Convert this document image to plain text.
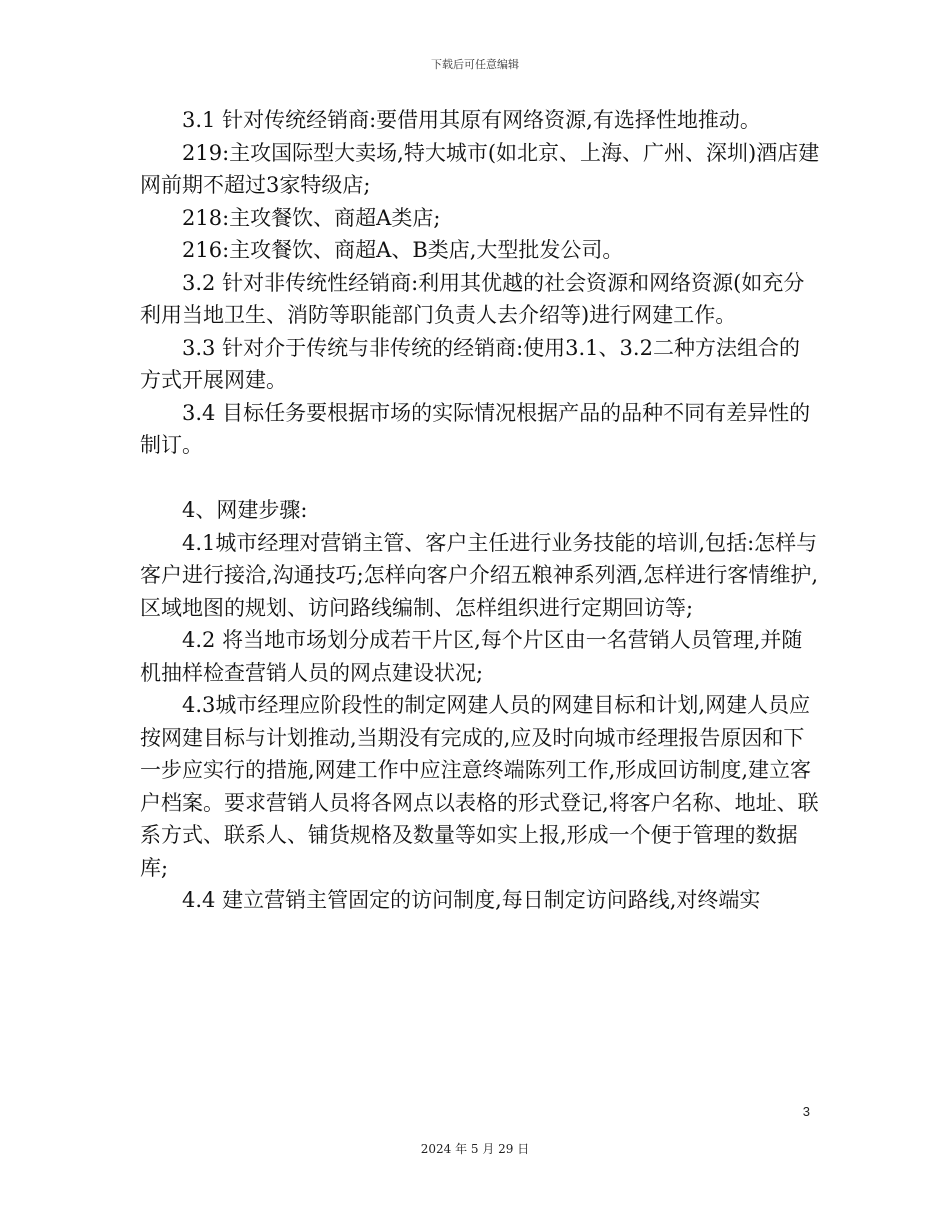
下载后可任意编辑

3.1 针对传统经销商:要借用其原有网络资源,有选择性地推动。

219:主攻国际型大卖场,特大城市(如北京、上海、广州、深圳)酒店建网前期不超过3家特级店;

218:主攻餐饮、商超A类店;

216:主攻餐饮、商超A、B类店,大型批发公司。

3.2 针对非传统性经销商:利用其优越的社会资源和网络资源(如充分利用当地卫生、消防等职能部门负责人去介绍等)进行网建工作。

3.3 针对介于传统与非传统的经销商:使用3.1、3.2二种方法组合的方式开展网建。

3.4 目标任务要根据市场的实际情况根据产品的品种不同有差异性的制订。

4、网建步骤:

4.1城市经理对营销主管、客户主任进行业务技能的培训,包括:怎样与客户进行接洽,沟通技巧;怎样向客户介绍五粮神系列酒,怎样进行客情维护,区域地图的规划、访问路线编制、怎样组织进行定期回访等;

4.2 将当地市场划分成若干片区,每个片区由一名营销人员管理,并随机抽样检查营销人员的网点建设状况;

4.3城市经理应阶段性的制定网建人员的网建目标和计划,网建人员应按网建目标与计划推动,当期没有完成的,应及时向城市经理报告原因和下一步应实行的措施,网建工作中应注意终端陈列工作,形成回访制度,建立客户档案。要求营销人员将各网点以表格的形式登记,将客户名称、地址、联系方式、联系人、铺货规格及数量等如实上报,形成一个便于管理的数据库;

4.4 建立营销主管固定的访问制度,每日制定访问路线,对终端实

3
2024 年 5 月 29 日
